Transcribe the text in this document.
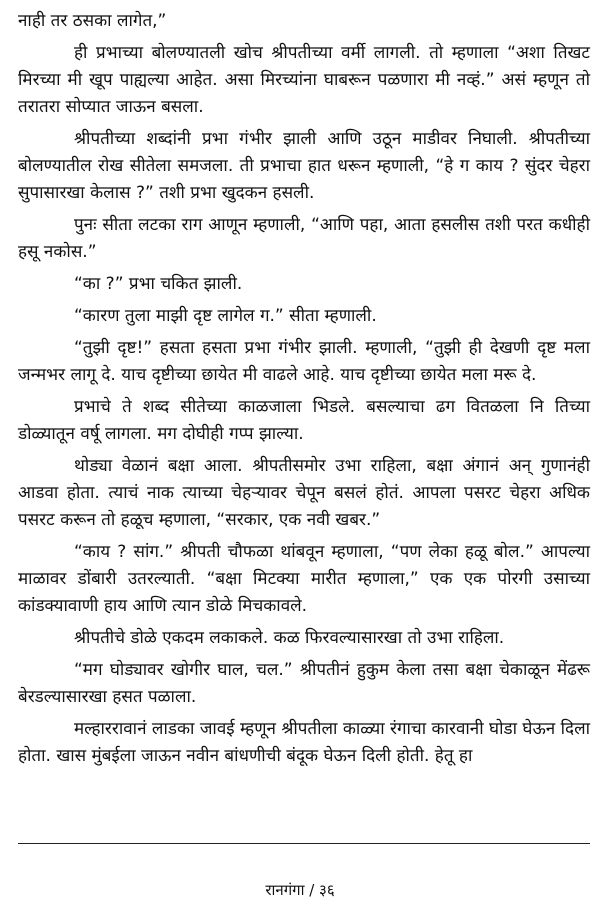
नाही तर ठसका लागेत,”

ही प्रभाच्या बोलण्यातली खोच श्रीपतीच्या वर्मी लागली. तो म्हणाला “अशा तिखट मिरच्या मी खूप पाह्यल्या आहेत. असा मिरच्यांना घाबरून पळणारा मी नव्हं.” असं म्हणून तो तरातरा सोप्यात जाऊन बसला.

श्रीपतीच्या शब्दांनी प्रभा गंभीर झाली आणि उठून माडीवर निघाली. श्रीपतीच्या बोलण्यातील रोख सीतेला समजला. ती प्रभाचा हात धरून म्हणाली, “हे ग काय ? सुंदर चेहरा सुपासारखा केलास ?” तशी प्रभा खुदकन हसली.

पुनः सीता लटका राग आणून म्हणाली, “आणि पहा, आता हसलीस तशी परत कधीही हसू नकोस.”

“का ?” प्रभा चकित झाली.

“कारण तुला माझी दृष्ट लागेल ग.” सीता म्हणाली.

“तुझी दृष्ट!” हसता हसता प्रभा गंभीर झाली. म्हणाली, “तुझी ही देखणी दृष्ट मला जन्मभर लागू दे. याच दृष्टीच्या छायेत मी वाढले आहे. याच दृष्टीच्या छायेत मला मरू दे.

प्रभाचे ते शब्द सीतेच्या काळजाला भिडले. बसल्याचा ढग वितळला नि तिच्या डोळ्यातून वर्षू लागला. मग दोघीही गप्प झाल्या.

थोड्या वेळानं बक्षा आला. श्रीपतीसमोर उभा राहिला, बक्षा अंगानं अन् गुणानंही आडवा होता. त्याचं नाक त्याच्या चेहऱ्यावर चेपून बसलं होतं. आपला पसरट चेहरा अधिक पसरट करून तो हळूच म्हणाला, “सरकार, एक नवी खबर.”

“काय ? सांग.” श्रीपती चौफळा थांबवून म्हणाला, “पण लेका हळू बोल.” आपल्या माळावर डोंबारी उतरल्याती. “बक्षा मिटक्या मारीत म्हणाला,” एक एक पोरगी उसाच्या कांडक्यावाणी हाय आणि त्यान डोळे मिचकावले.

श्रीपतीचे डोळे एकदम लकाकले. कळ फिरवल्यासारखा तो उभा राहिला.

“मग घोड्यावर खोगीर घाल, चल.” श्रीपतीनं हुकुम केला तसा बक्षा चेकाळून मेंढरू बेरडल्यासारखा हसत पळाला.

मल्हाररावानं लाडका जावई म्हणून श्रीपतीला काळ्या रंगाचा कारवानी घोडा घेऊन दिला होता. खास मुंबईला जाऊन नवीन बांधणीची बंदूक घेऊन दिली होती. हेतू हा

रानगंगा / ३६
